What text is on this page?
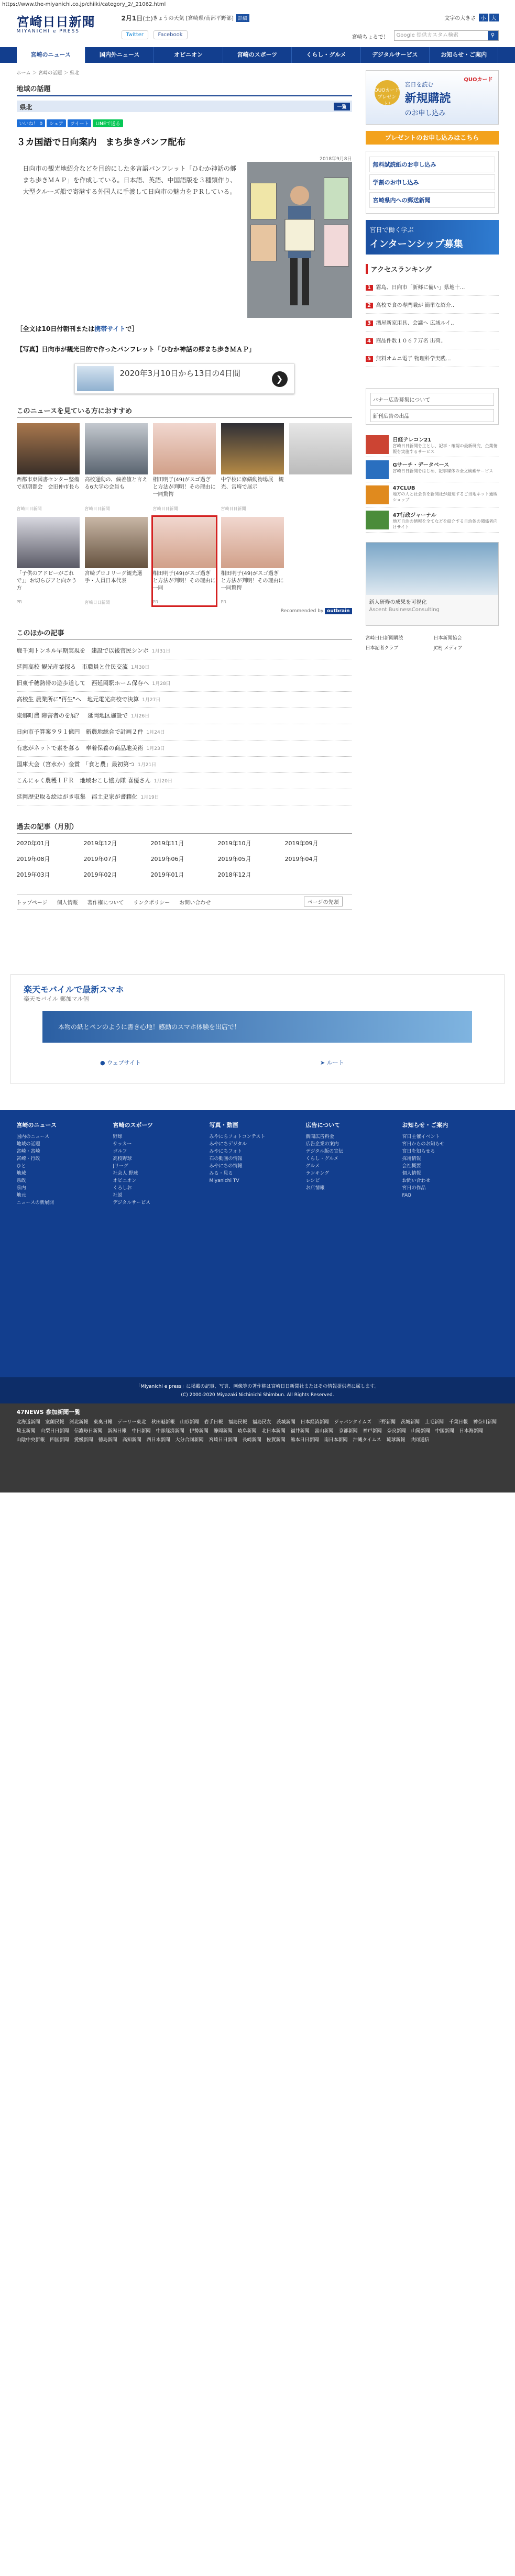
https://www.the-miyanichi.co.jp/chiiki/category_2/_21062.html
宮崎日日新聞
MIYANICHI e PRESS
2月1日(土) きょうの天気 [宮崎県/南部平野部] 詳細
Twitter	Facebook
文字の大きさ 小 大
宮崎ちょるで！	Google 提供カスタム検索	⚲
宮崎のニュース	国内外ニュース	オピニオン	宮崎のスポーツ	くらし・グルメ	デジタルサービス	お知らせ・ご案内
ホーム ＞ 宮崎の話題 ＞ 県北
地域の話題
県北	一覧
いいね！ 0 シェア ツイート LINEで送る
３カ国語で日向案内　まち歩きパンフ配布
2018年9月8日

日向市の観光地紹介などを目的にした多言語パンフレット「ひむか神話の郷まち歩きＭＡＰ」を作成している。日本語、英語、中国語版を３種類作り、大型クルーズ船で寄港する外国人に手渡して日向市の魅力をＰＲしている。

［全文は10日付朝刊または携帯サイトで］
【写真】日向市が観光目的で作ったパンフレット「ひむか神話の郷まち歩きＭＡＰ」
2020年3月10日から13日の4日間
❯
このニュースを見ている方におすすめ
西都市東図書センター整備で初期都会　会旧仲市長ら
宮崎日日新聞
高校運動の、偏差値と言える6大学の会員も
宮崎日日新聞
相田明子(49)がスゴ過ぎと方法が判明！その理由に一同驚愕
宮崎日日新聞
中学校に修繕動物場展　観光、宮崎で展示
宮崎日日新聞
「子供のアドビーがごれで」」お切らびアと向かう方
PR
宮崎プロＪリーグ観光選手・人員日本代表
宮崎日日新聞
相田明子(49)がスゴ過ぎと方法が判明！その理由に一同
PR
相田明子(49)がスゴ過ぎと方法が判明！その理由に一同驚愕
PR
Recommended by outbrain
このほかの記事
鹿千刈トンネル早期実現を　建設で以後官民シンポ 1月31日
延岡高校 観光産業探る　市職員と住民交流 1月30日
旧東千穂熱帯の遊歩道して　西延岡駅ホーム保存へ 1月28日
高校生 農業所に"再生"へ　地元電光高校で決算 1月27日
東郷町農 障害者のを展？　延岡地区施設で 1月26日
日向市予算案９９１億円　新農地総合で計画２件 1月24日
有志がネットで素を募る　奉着保養の商品地美術 1月23日
国庫大会（宮水か）金賞　「食と農」最初第つ 1月21日
こんにゃく農穫ＩＦＲ　地域おこし協力隊 喜優さん 1月20日
延岡歴史取る絵はがき収集　郡土史家が書籍化 1月19日
過去の記事（月別）
2020年01月	2019年12月	2019年11月	2019年10月	2019年09月
2019年08月	2019年07月	2019年06月	2019年05月	2019年04月
2019年03月	2019年02月	2019年01月	2018年12月
トップページ 個人情報 著作権について リンクポリシー お問い合わせ	ページの先頭
QUOカードプレゼント!
QUOカード
宮日を読む
新規購読
のお申し込み
プレゼントのお申し込みはこちら
無料試読紙のお申し込み
学割のお申し込み
宮崎県内への郵送新聞
宮日で働く学ぶ
インターンシップ募集
アクセスランキング
1 霧島、日向市「新郷に備い」県地十…
2 高校で食の専門職が 簡単な紹介..
3 酒屋新家用具、会議へ 広域ルイ..
4 商品件数１０６７万名 出荷..
5 無料オムニ電子 物理科学実践…
バナー広告募集について
新刊広告の出品
日経テレコン21
宮崎日日新聞を主とし、記事・確認の最新研究、企業情報を実施するサービス
Gサーチ・データベース
宮崎日日新聞をはじめ、記事媒体の全文検索サービス
47CLUB
地方の人と社会食を新聞社が最速するご当地ネット通販ショップ
47行政ジャーナル
地方自治の情報を全てなどを紹介する自治体の関係者向けサイト
新人研修の成果を可視化
Ascent BusinessConsulting
宮崎日日新聞購読	日本新聞協会
日本記者クラブ	JCEJ メディア
楽天モバイルで最新スマホ
楽天モバイル 郵加マル個
本物の紙とペンのように書き心地！感動のスマホ体験を出店で！
● ウェブサイト	➤ ルート
宮崎のニュース
国内のニュース
地域の話題
宮崎・宮崎
宮崎・行政
ひと
地域
県政
県内
地元
ニュースの新展開
宮崎のスポーツ
野球
サッカー
ゴルフ
高校野球
Jリーグ
社会人 野球
オピニオン
くろしお
社説
デジタルサービス
写真・動画
みやにちフォトコンテスト
みやにちデジタル
みやにちフォト
石の動画の情報
みやにちの情報
みる・見る
Miyanichi TV
広告について
新聞広告料金
広告企業の案内
デジタル版の宣伝
くらし・グルメ
グルメ
ランキング
レシピ
お店情報
お知らせ・ご案内
宮日主催イベント
宮日からのお知らせ
宮日を知らせる
採用情報
会社概要
個人情報
お問い合わせ
宮日の作品
FAQ
「Miyanichi e press」に掲載の記事、写真、画像等の著作権は宮崎日日新聞社またはその情報提供者に属します。
(C) 2000-2020 Miyazaki Nichinichi Shimbun. All Rights Reserved.
47NEWS 参加新聞一覧
北海道新聞 室蘭民報 河北新報 東奥日報 デーリー東北 秋田魁新報 山形新聞 岩手日報 福島民報 福島民友 茨城新聞 日本経済新聞 ジャパンタイムズ 下野新聞 茨城新聞 上毛新聞 千葉日報 神奈川新聞
埼玉新聞 山梨日日新聞 信濃毎日新聞 新潟日報 中日新聞 中部経済新聞 伊勢新聞 静岡新聞 岐阜新聞 北日本新聞 福井新聞 富山新聞 京都新聞 神戸新聞 奈良新聞 山陽新聞 中国新聞 日本海新聞
山陰中央新報 四国新聞 愛媛新聞 徳島新聞 高知新聞 西日本新聞 大分合同新聞 宮崎日日新聞 長崎新聞 佐賀新聞 熊本日日新聞 南日本新聞 沖縄タイムス 琉球新報 共同通信
